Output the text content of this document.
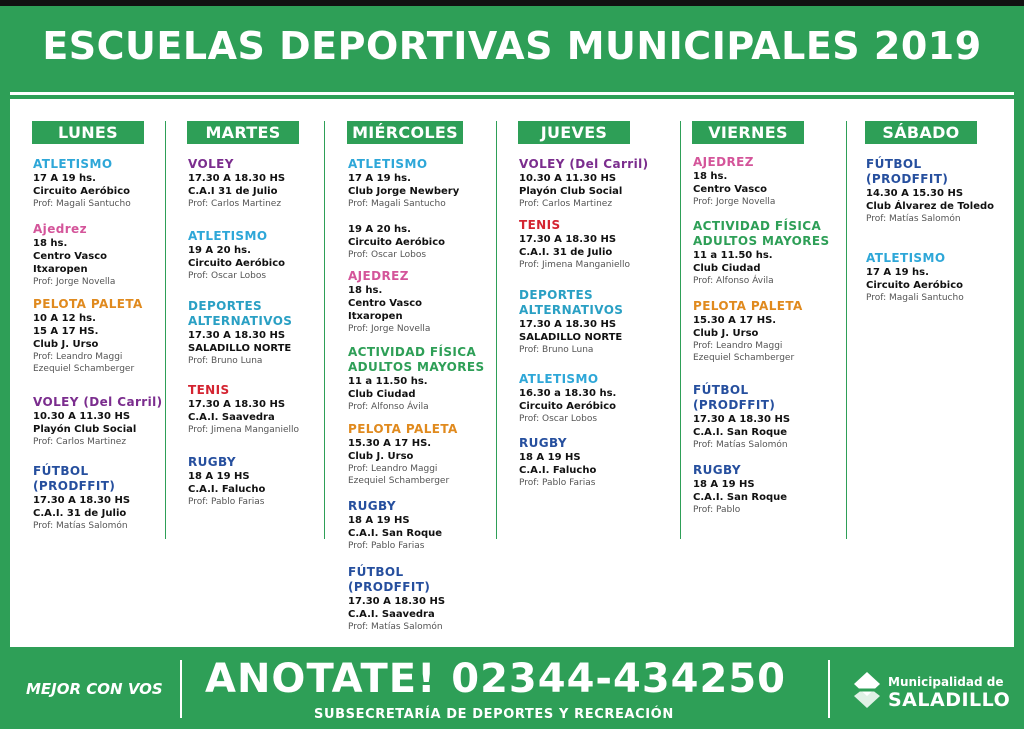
ESCUELAS DEPORTIVAS MUNICIPALES 2019
LUNES
ATLETISMO
17 A 19 hs.
Circuito Aeróbico
Prof: Magali Santucho
Ajedrez
18 hs.
Centro Vasco
Itxaropen
Prof: Jorge Novella
PELOTA PALETA
10 A 12 hs.
15 A 17 HS.
Club J. Urso
Prof: Leandro Maggi
Ezequiel Schamberger
VOLEY (Del Carril)
10.30 A 11.30 HS
Playón Club Social
Prof: Carlos Martinez
FÚTBOL
(PRODFFIT)
17.30 A 18.30 HS
C.A.I. 31 de Julio
Prof: Matías Salomón
MARTES
VOLEY
17.30 A 18.30 HS
C.A.I 31 de Julio
Prof: Carlos Martinez
ATLETISMO
19 A 20 hs.
Circuito Aeróbico
Prof: Oscar Lobos
DEPORTES
ALTERNATIVOS
17.30 A 18.30 HS
SALADILLO NORTE
Prof: Bruno Luna
TENIS
17.30 A 18.30 HS
C.A.I. Saavedra
Prof: Jimena Manganiello
RUGBY
18 A 19 HS
C.A.I. Falucho
Prof: Pablo Farias
MIÉRCOLES
ATLETISMO
17 A 19 hs.
Club Jorge Newbery
Prof: Magali Santucho
19 A 20 hs.
Circuito Aeróbico
Prof: Oscar Lobos
AJEDREZ
18 hs.
Centro Vasco
Itxaropen
Prof: Jorge Novella
ACTIVIDAD FÍSICA
ADULTOS MAYORES
11 a 11.50 hs.
Club Ciudad
Prof: Alfonso Ávila
PELOTA PALETA
15.30 A 17 HS.
Club J. Urso
Prof: Leandro Maggi
Ezequiel Schamberger
RUGBY
18 A 19 HS
C.A.I. San Roque
Prof: Pablo Farias
FÚTBOL
(PRODFFIT)
17.30 A 18.30 HS
C.A.I. Saavedra
Prof: Matías Salomón
JUEVES
VOLEY (Del Carril)
10.30 A 11.30 HS
Playón Club Social
Prof: Carlos Martinez
TENIS
17.30 A 18.30 HS
C.A.I. 31 de Julio
Prof: Jimena Manganiello
DEPORTES
ALTERNATIVOS
17.30 A 18.30 HS
SALADILLO NORTE
Prof: Bruno Luna
ATLETISMO
16.30 a 18.30 hs.
Circuito Aeróbico
Prof: Oscar Lobos
RUGBY
18 A 19 HS
C.A.I. Falucho
Prof: Pablo Farias
VIERNES
AJEDREZ
18 hs.
Centro Vasco
Prof: Jorge Novella
ACTIVIDAD FÍSICA
ADULTOS MAYORES
11 a 11.50 hs.
Club Ciudad
Prof: Alfonso Ávila
PELOTA PALETA
15.30 A 17 HS.
Club J. Urso
Prof: Leandro Maggi
Ezequiel Schamberger
FÚTBOL
(PRODFFIT)
17.30 A 18.30 HS
C.A.I. San Roque
Prof: Matías Salomón
RUGBY
18 A 19 HS
C.A.I. San Roque
Prof: Pablo
SÁBADO
FÚTBOL
(PRODFFIT)
14.30 A 15.30 HS
Club Álvarez de Toledo
Prof: Matías Salomón
ATLETISMO
17 A 19 hs.
Circuito Aeróbico
Prof: Magali Santucho
MEJOR CON VOS ANOTATE! 02344-434250
SUBSECRETARÍA DE DEPORTES Y RECREACIÓN
Municipalidad de
SALADILLO
